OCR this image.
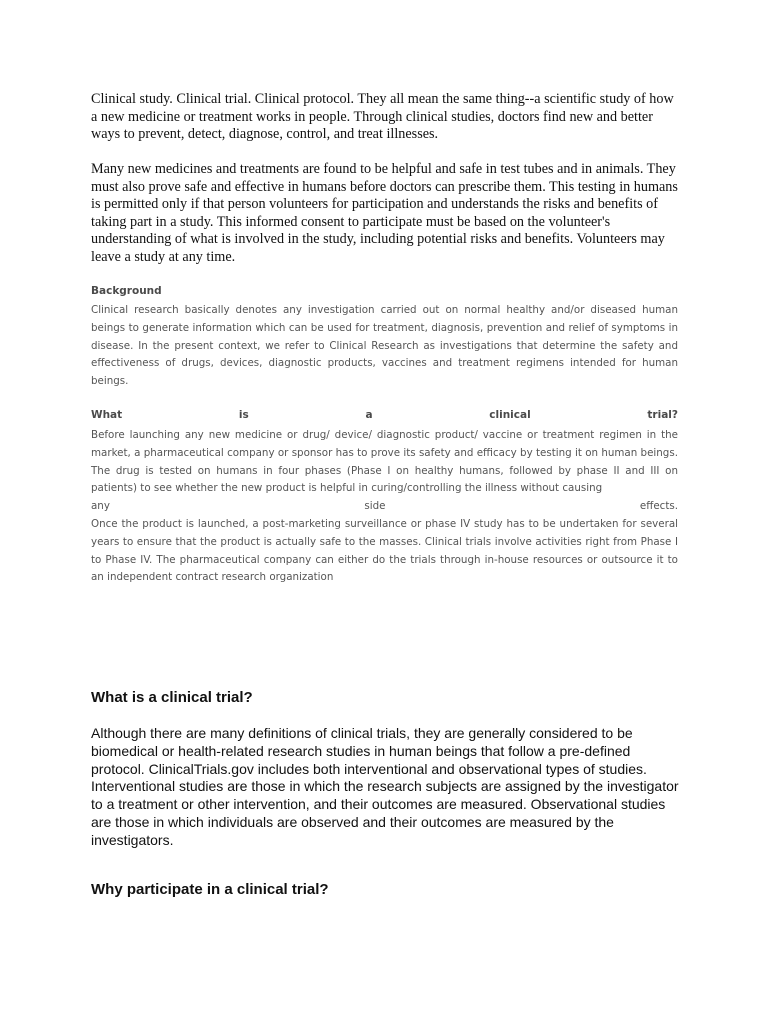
Clinical study. Clinical trial. Clinical protocol. They all mean the same thing--a scientific study of how a new medicine or treatment works in people. Through clinical studies, doctors find new and better ways to prevent, detect, diagnose, control, and treat illnesses.

Many new medicines and treatments are found to be helpful and safe in test tubes and in animals. They must also prove safe and effective in humans before doctors can prescribe them. This testing in humans is permitted only if that person volunteers for participation and understands the risks and benefits of taking part in a study. This informed consent to participate must be based on the volunteer's understanding of what is involved in the study, including potential risks and benefits. Volunteers may leave a study at any time.

Background

Clinical research basically denotes any investigation carried out on normal healthy and/or diseased human beings to generate information which can be used for treatment, diagnosis, prevention and relief of symptoms in disease. In the present context, we refer to Clinical Research as investigations that determine the safety and effectiveness of drugs, devices, diagnostic products, vaccines and treatment regimens intended for human beings.

What	is	a	clinical	trial?

Before launching any new medicine or drug/ device/ diagnostic product/ vaccine or treatment regimen in the market, a pharmaceutical company or sponsor has to prove its safety and efficacy by testing it on human beings. The drug is tested on humans in four phases (Phase I on healthy humans, followed by phase II and III on patients) to see whether the new product is helpful in curing/controlling the illness without causing

any	side	effects.

Once the product is launched, a post-marketing surveillance or phase IV study has to be undertaken for several years to ensure that the product is actually safe to the masses. Clinical trials involve activities right from Phase I to Phase IV. The pharmaceutical company can either do the trials through in-house resources or outsource it to an independent contract research organization

What is a clinical trial?

Although there are many definitions of clinical trials, they are generally considered to be biomedical or health-related research studies in human beings that follow a pre-defined protocol. ClinicalTrials.gov includes both interventional and observational types of studies. Interventional studies are those in which the research subjects are assigned by the investigator to a treatment or other intervention, and their outcomes are measured. Observational studies are those in which individuals are observed and their outcomes are measured by the investigators.

Why participate in a clinical trial?
